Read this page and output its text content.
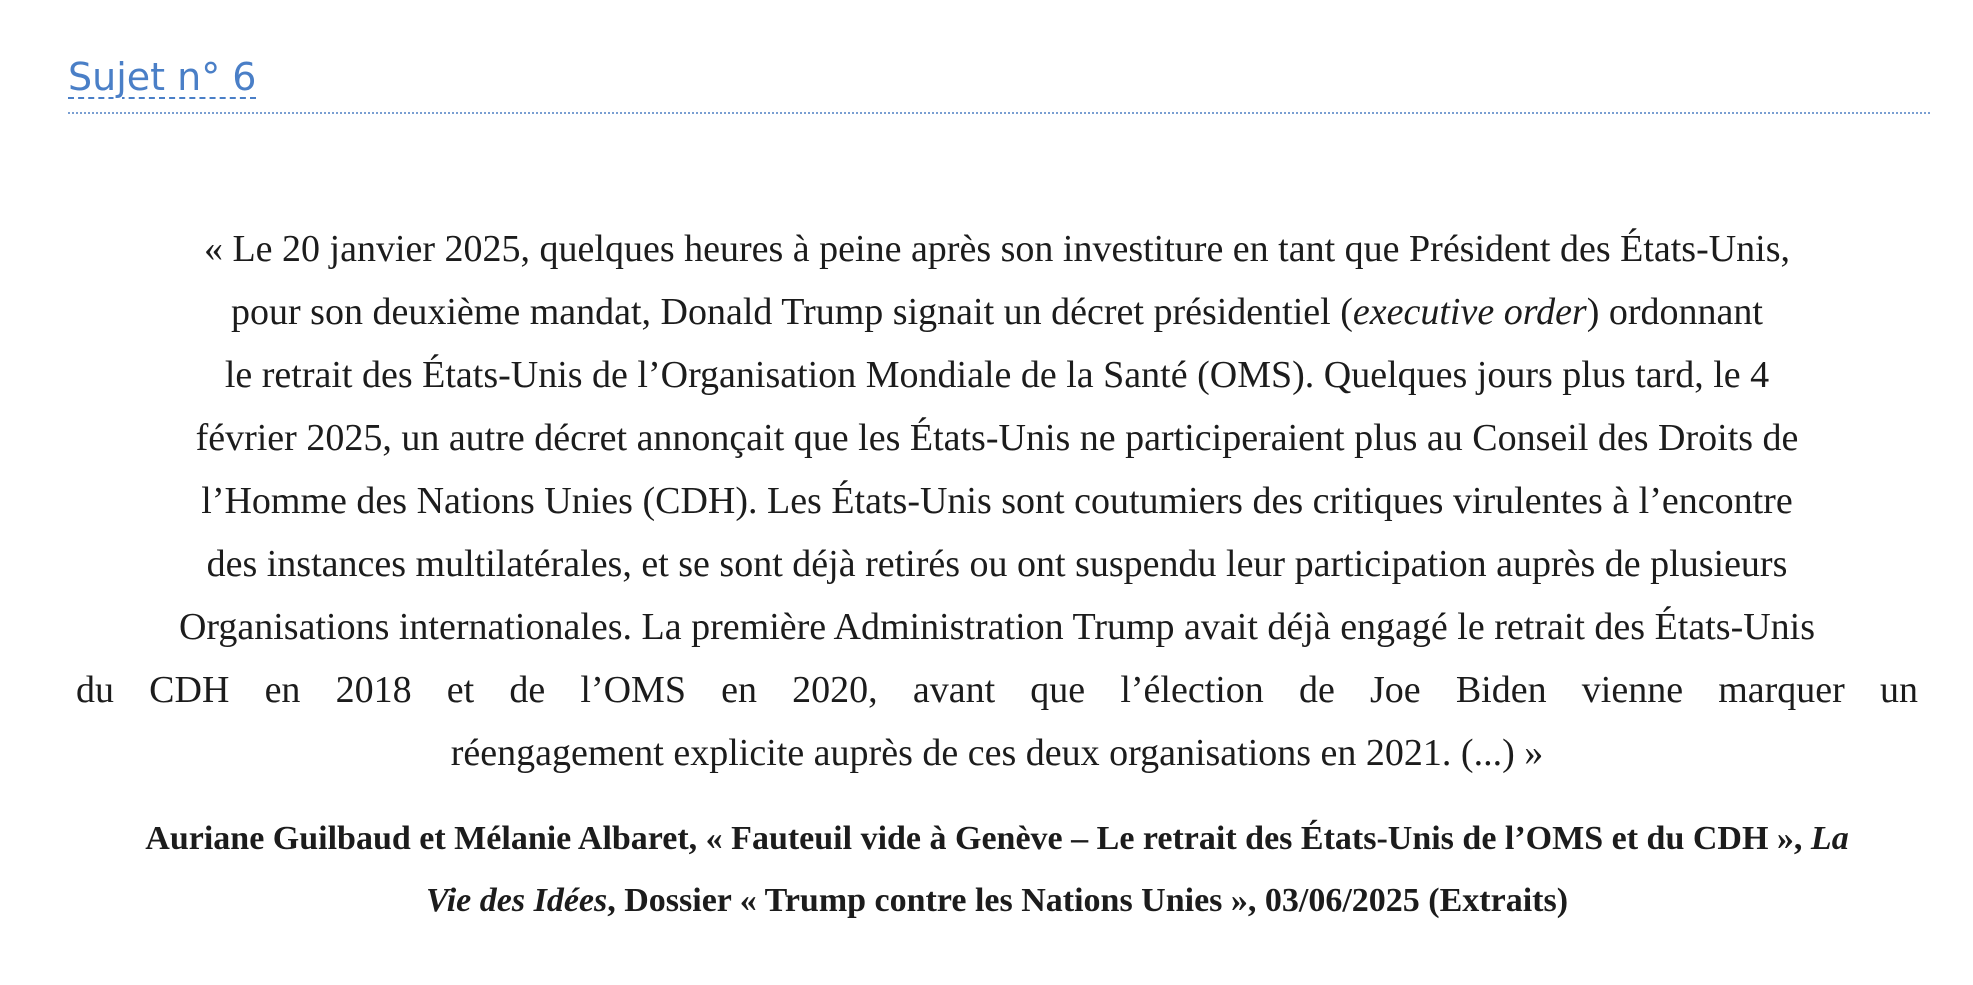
Sujet n° 6
« Le 20 janvier 2025, quelques heures à peine après son investiture en tant que Président des États-Unis,
pour son deuxième mandat, Donald Trump signait un décret présidentiel (executive order) ordonnant
le retrait des États-Unis de l’Organisation Mondiale de la Santé (OMS). Quelques jours plus tard, le 4
février 2025, un autre décret annonçait que les États-Unis ne participeraient plus au Conseil des Droits de
l’Homme des Nations Unies (CDH). Les États-Unis sont coutumiers des critiques virulentes à l’encontre
des instances multilatérales, et se sont déjà retirés ou ont suspendu leur participation auprès de plusieurs
Organisations internationales. La première Administration Trump avait déjà engagé le retrait des États-Unis
du CDH en 2018 et de l’OMS en 2020, avant que l’élection de Joe Biden vienne marquer un
réengagement explicite auprès de ces deux organisations en 2021. (...) »
Auriane Guilbaud et Mélanie Albaret, « Fauteuil vide à Genève – Le retrait des États-Unis de l’OMS et du CDH », La
Vie des Idées, Dossier « Trump contre les Nations Unies », 03/06/2025 (Extraits)
